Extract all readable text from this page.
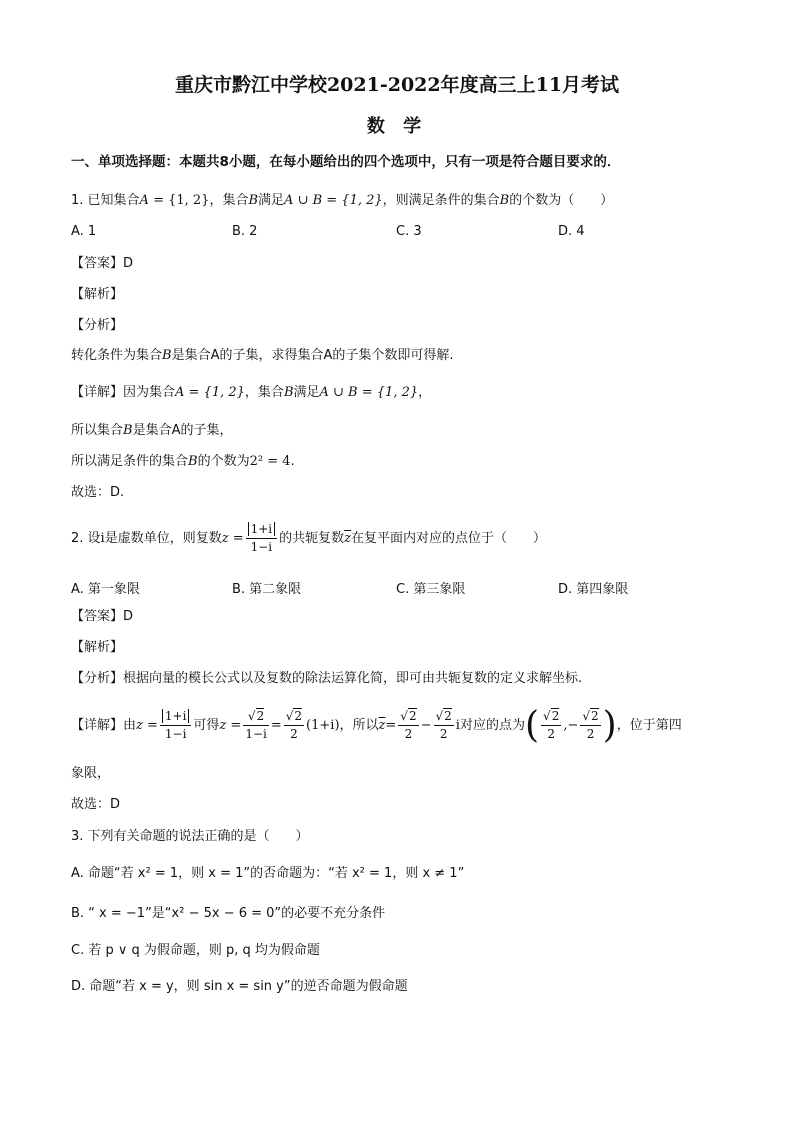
重庆市黔江中学校2021-2022年度高三上11月考试
数 学
一、单项选择题：本题共8小题，在每小题给出的四个选项中，只有一项是符合题目要求的．
1. 已知集合A = {1, 2}，集合B满足A ∪ B = {1, 2}，则满足条件的集合B的个数为（　　）
A. 1	B. 2	C. 3	D. 4
【答案】D
【解析】
【分析】
转化条件为集合B是集合A的子集，求得集合A的子集个数即可得解.
【详解】因为集合A = {1, 2}，集合B满足A ∪ B = {1, 2}，
所以集合B是集合A的子集，
所以满足条件的集合B的个数为2² = 4.
故选：D.
2. 设i是虚数单位，则复数$z = \frac{1+i}{1-i}$ 的共轭复数$\overline{z}$在复平面内对应的点位于（　　）
A. 第一象限	B. 第二象限	C. 第三象限	D. 第四象限
【答案】D
【解析】
【分析】根据向量的模长公式以及复数的除法运算化简，即可由共轭复数的定义求解坐标.
【详解】由$z = \frac{1+i}{1-i}$ 可得$z = \frac{√2}{1-i} = \frac{√2}{2} (1+i)$，所以$\overline{z}= \frac{√2}{2} - \frac{√2}{2}$ i对应的点为( $\frac{√2}{2}$ ,− $\frac{√2}{2}$ )，位于第四
象限，
故选：D
3. 下列有关命题的说法正确的是（　　）
A. 命题“若 x² = 1，则 x = 1”的否命题为：“若 x² = 1，则 x ≠ 1”
B. “ x = −1”是“x² − 5x − 6 = 0”的必要不充分条件
C. 若 p ∨ q 为假命题，则 p, q 均为假命题
D. 命题“若 x = y，则 sin x = sin y”的逆否命题为假命题
